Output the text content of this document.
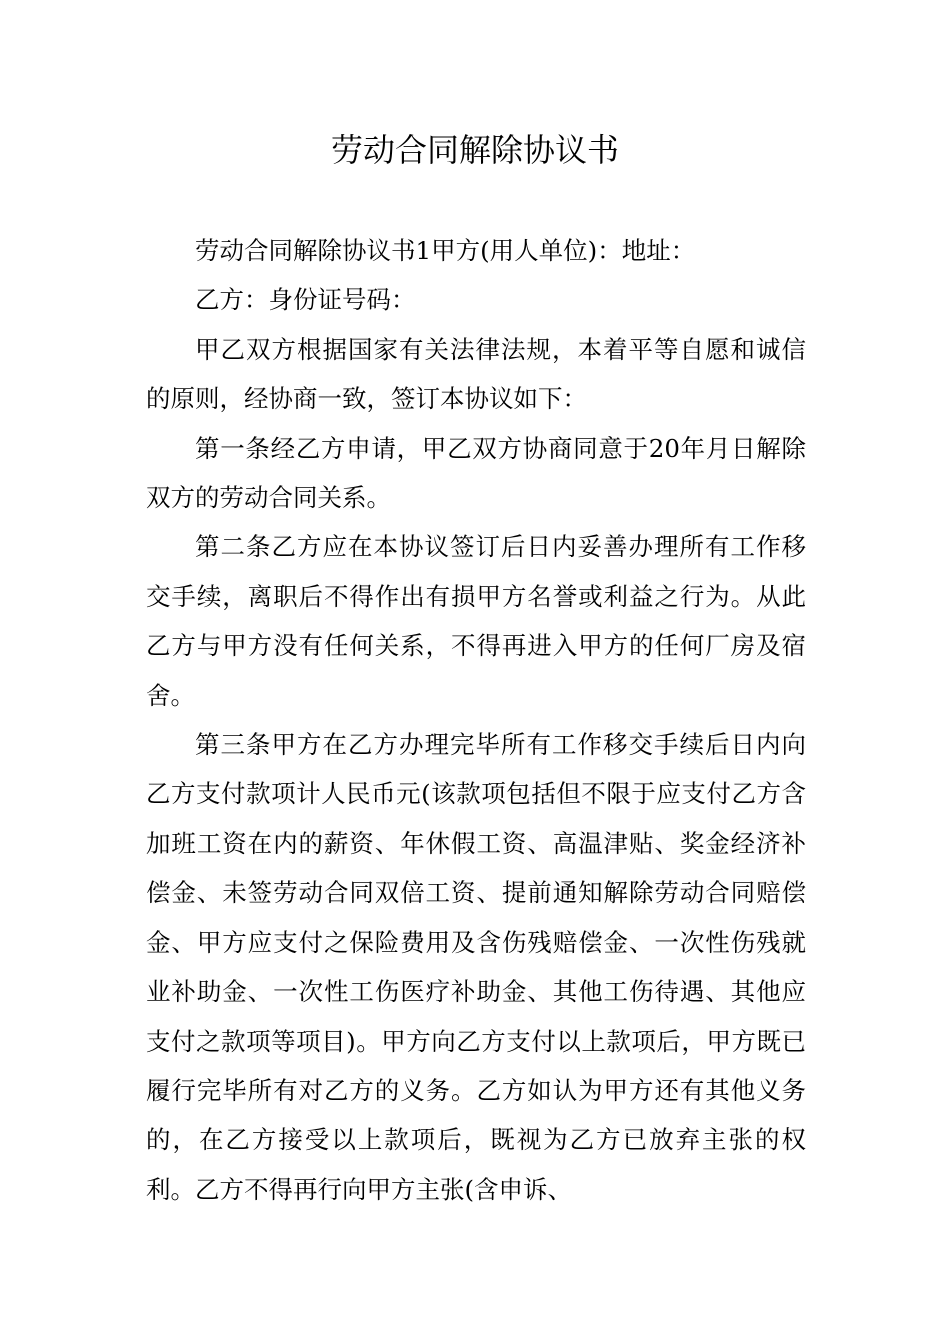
劳动合同解除协议书

劳动合同解除协议书1甲方(用人单位)：地址：

乙方：身份证号码：

甲乙双方根据国家有关法律法规，本着平等自愿和诚信的原则，经协商一致，签订本协议如下：

第一条经乙方申请，甲乙双方协商同意于20年月日解除双方的劳动合同关系。

第二条乙方应在本协议签订后日内妥善办理所有工作移交手续，离职后不得作出有损甲方名誉或利益之行为。从此乙方与甲方没有任何关系，不得再进入甲方的任何厂房及宿舍。

第三条甲方在乙方办理完毕所有工作移交手续后日内向乙方支付款项计人民币元(该款项包括但不限于应支付乙方含加班工资在内的薪资、年休假工资、高温津贴、奖金经济补偿金、未签劳动合同双倍工资、提前通知解除劳动合同赔偿金、甲方应支付之保险费用及含伤残赔偿金、一次性伤残就业补助金、一次性工伤医疗补助金、其他工伤待遇、其他应支付之款项等项目)。甲方向乙方支付以上款项后，甲方既已履行完毕所有对乙方的义务。乙方如认为甲方还有其他义务的，在乙方接受以上款项后，既视为乙方已放弃主张的权利。乙方不得再行向甲方主张(含申诉、
